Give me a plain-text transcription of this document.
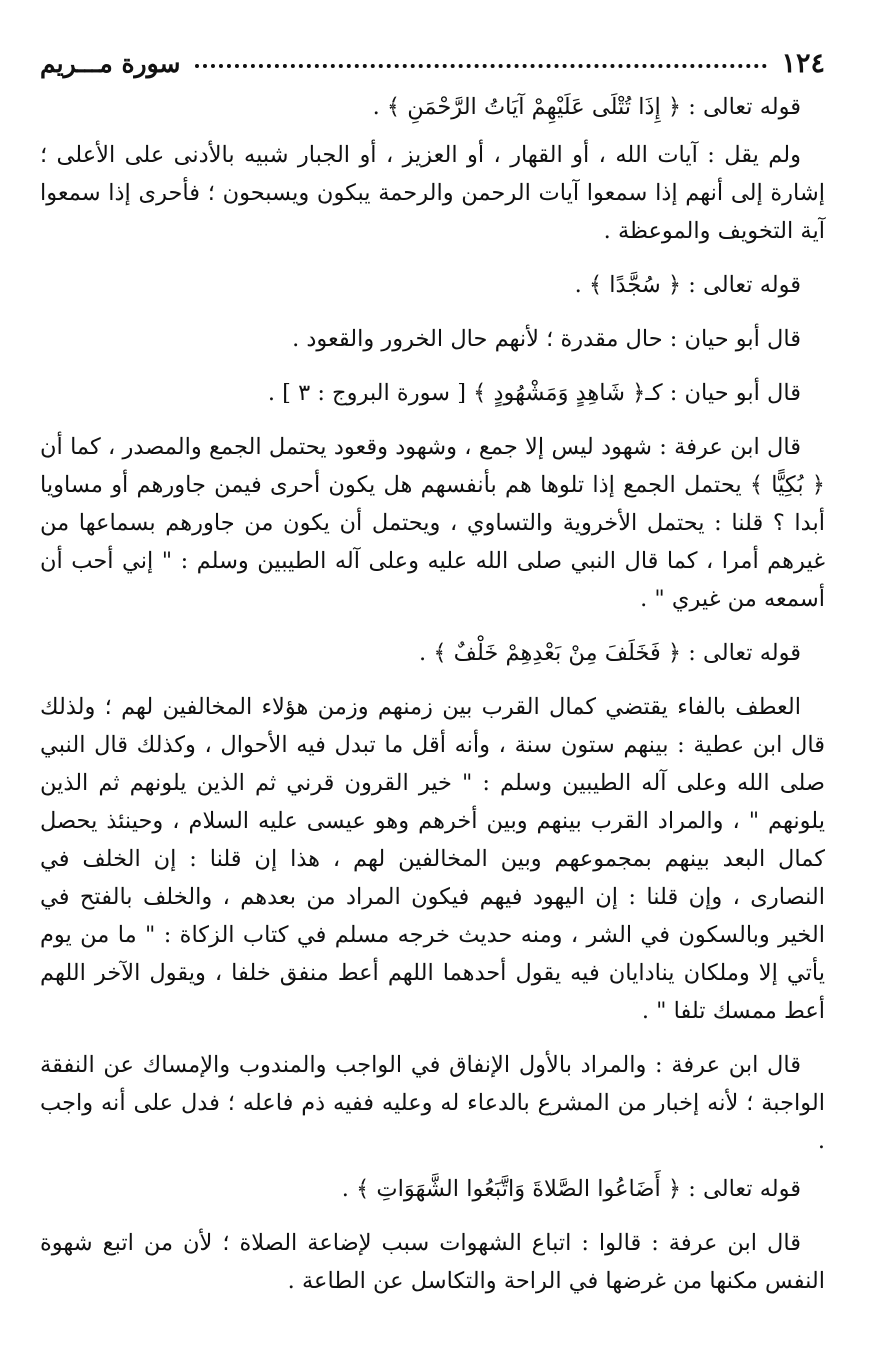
١٢٤
سورة مـــريم

قوله تعالى : ﴿ إِذَا تُتْلَى عَلَيْهِمْ آيَاتُ الرَّحْمَنِ ﴾ .

ولم يقل : آيات الله ، أو القهار ، أو العزيز ، أو الجبار شبيه بالأدنى على الأعلى ؛ إشارة إلى أنهم إذا سمعوا آيات الرحمن والرحمة يبكون ويسبحون ؛ فأحرى إذا سمعوا آية التخويف والموعظة .

قوله تعالى : ﴿ سُجَّدًا ﴾ .

قال أبو حيان : حال مقدرة ؛ لأنهم حال الخرور والقعود .

قال أبو حيان : كـ﴿ شَاهِدٍ وَمَشْهُودٍ ﴾ [ سورة البروج : ٣ ] .

قال ابن عرفة : شهود ليس إلا جمع ، وشهود وقعود يحتمل الجمع والمصدر ، كما أن ﴿ بُكِيًّا ﴾ يحتمل الجمع إذا تلوها هم بأنفسهم هل يكون أحرى فيمن جاورهم أو مساويا أبدا ؟ قلنا : يحتمل الأخروية والتساوي ، ويحتمل أن يكون من جاورهم بسماعها من غيرهم أمرا ، كما قال النبي صلى الله عليه وعلى آله الطيبين وسلم : " إني أحب أن أسمعه من غيري " .

قوله تعالى : ﴿ فَخَلَفَ مِنْ بَعْدِهِمْ خَلْفٌ ﴾ .

العطف بالفاء يقتضي كمال القرب بين زمنهم وزمن هؤلاء المخالفين لهم ؛ ولذلك قال ابن عطية : بينهم ستون سنة ، وأنه أقل ما تبدل فيه الأحوال ، وكذلك قال النبي صلى الله وعلى آله الطيبين وسلم : " خير القرون قرني ثم الذين يلونهم ثم الذين يلونهم " ، والمراد القرب بينهم وبين أخرهم وهو عيسى عليه السلام ، وحينئذ يحصل كمال البعد بينهم بمجموعهم وبين المخالفين لهم ، هذا إن قلنا : إن الخلف في النصارى ، وإن قلنا : إن اليهود فيهم فيكون المراد من بعدهم ، والخلف بالفتح في الخير وبالسكون في الشر ، ومنه حديث خرجه مسلم في كتاب الزكاة : " ما من يوم يأتي إلا وملكان ينادايان فيه يقول أحدهما اللهم أعط منفق خلفا ، ويقول الآخر اللهم أعط ممسك تلفا " .

قال ابن عرفة : والمراد بالأول الإنفاق في الواجب والمندوب والإمساك عن النفقة الواجبة ؛ لأنه إخبار من المشرع بالدعاء له وعليه ففيه ذم فاعله ؛ فدل على أنه واجب .

قوله تعالى : ﴿ أَضَاعُوا الصَّلاةَ وَاتَّبَعُوا الشَّهَوَاتِ ﴾ .

قال ابن عرفة : قالوا : اتباع الشهوات سبب لإضاعة الصلاة ؛ لأن من اتبع شهوة النفس مكنها من غرضها في الراحة والتكاسل عن الطاعة .
